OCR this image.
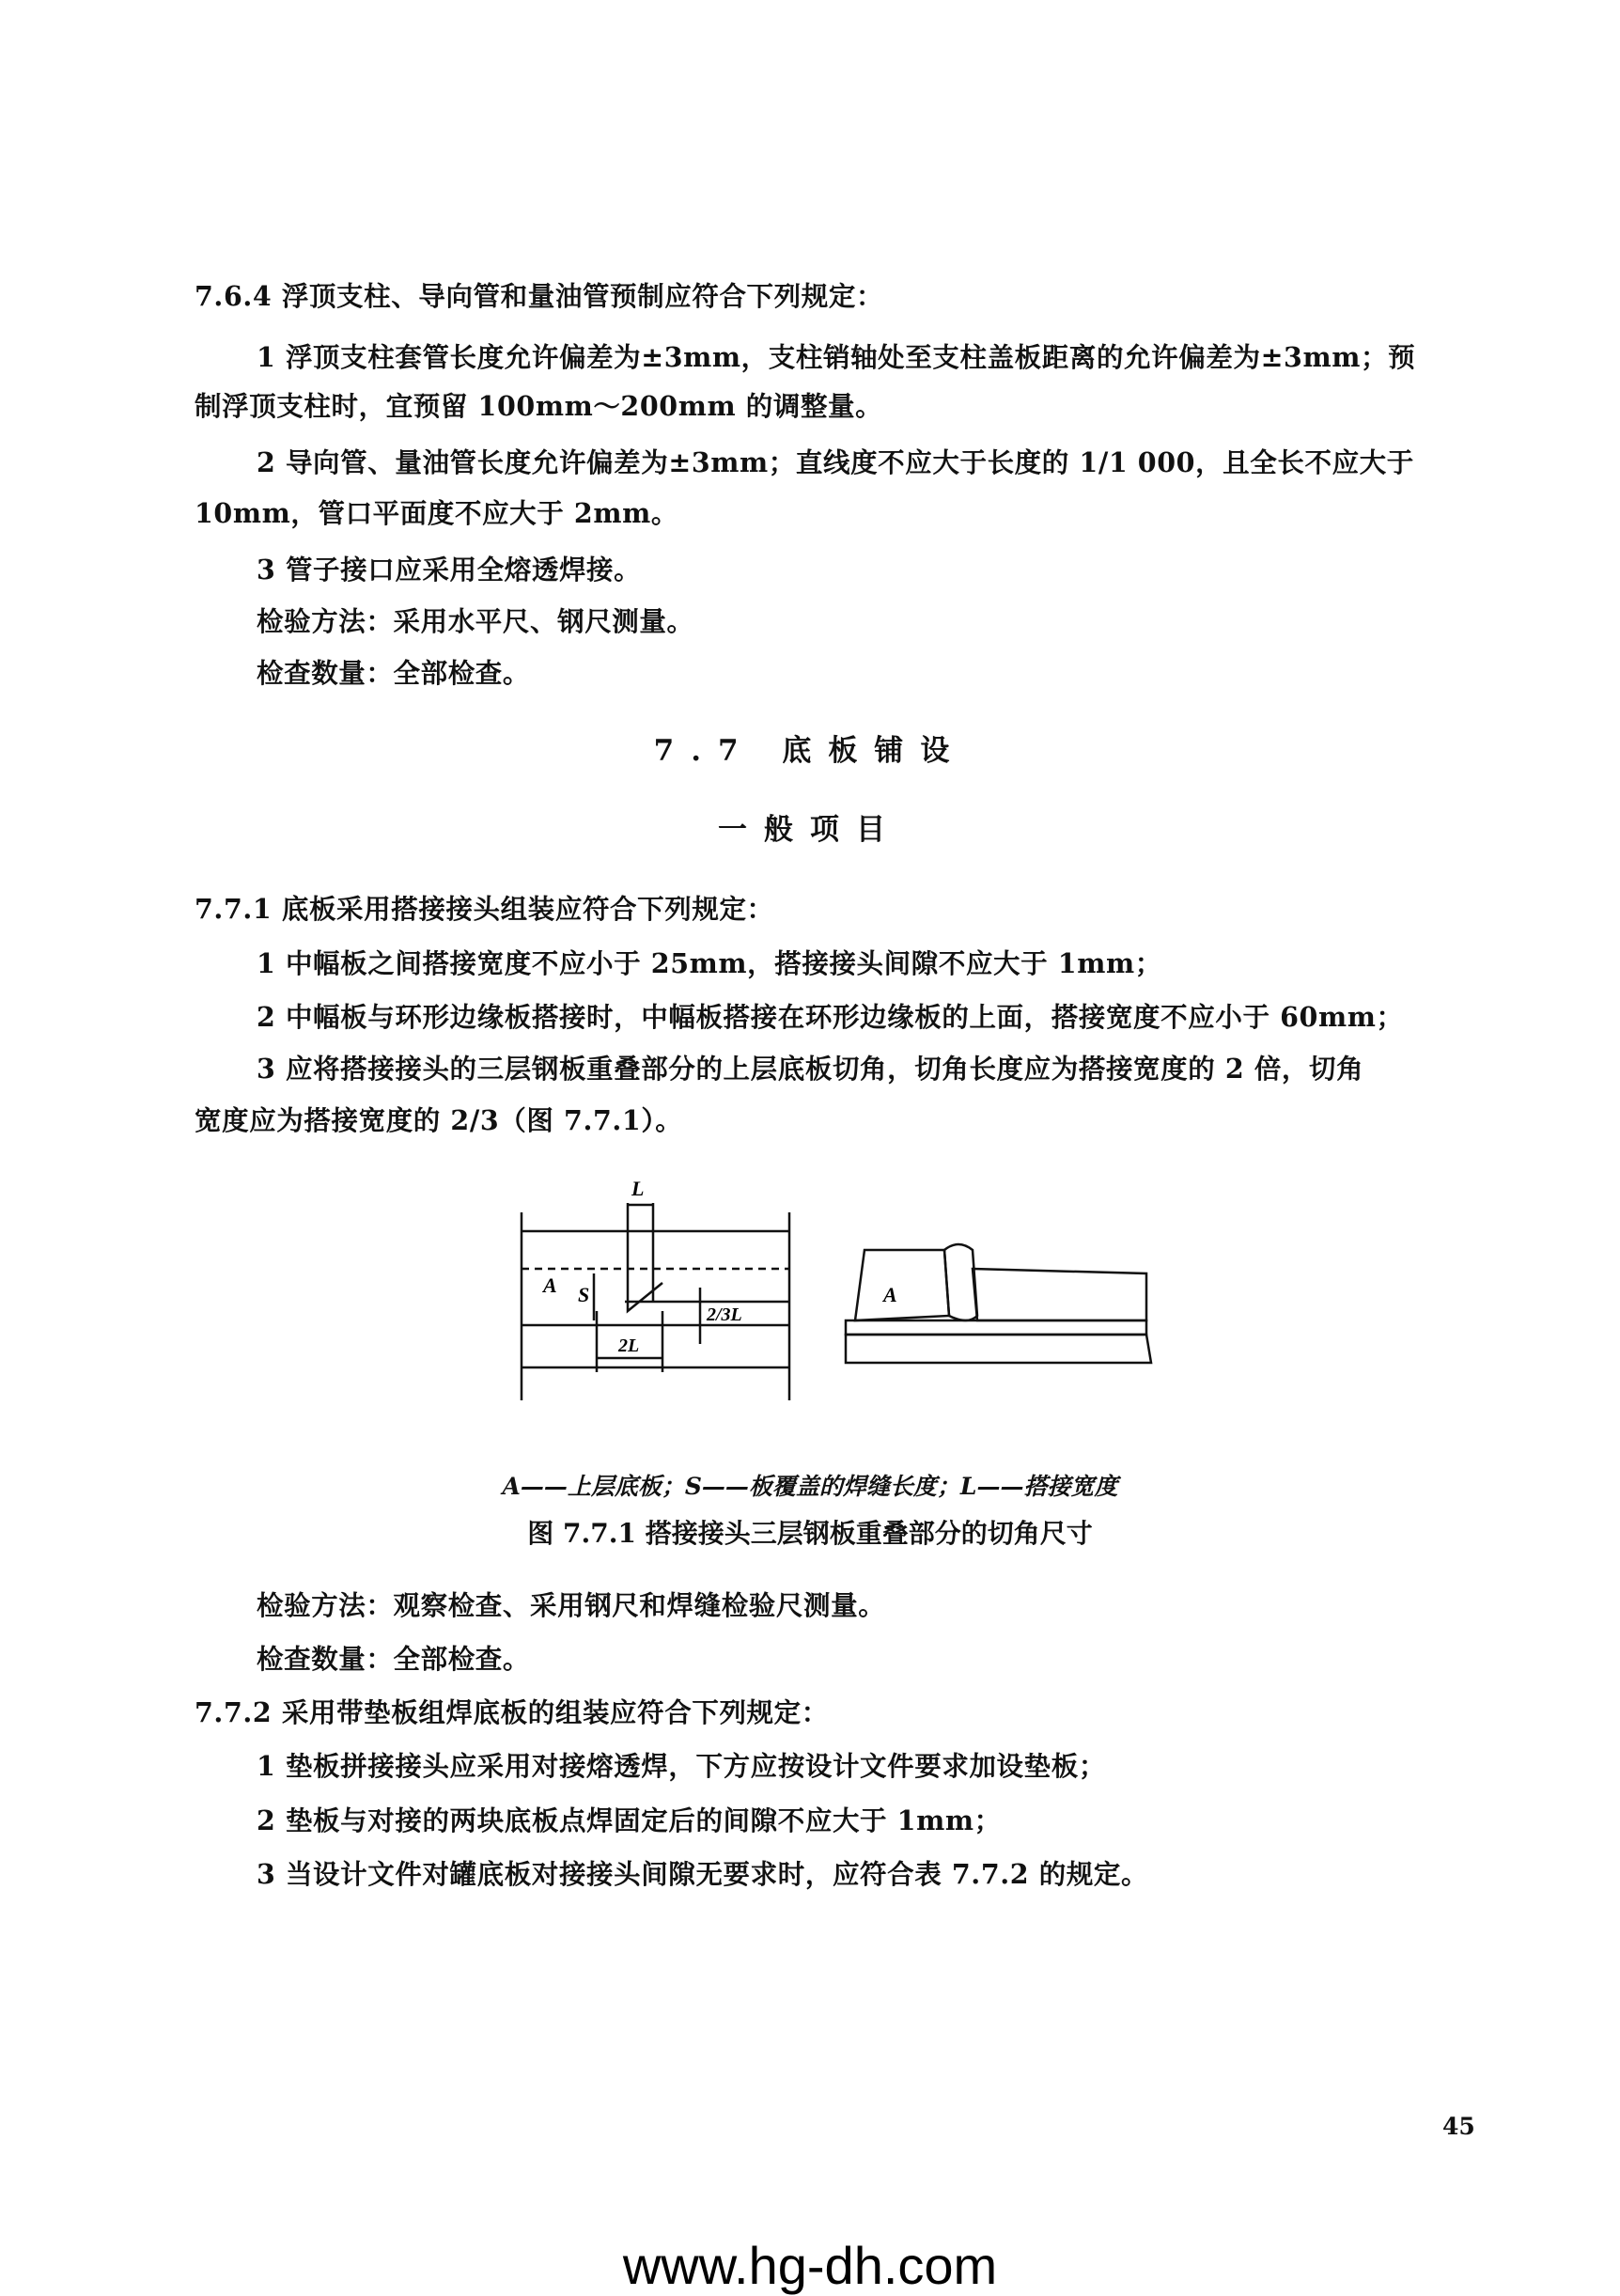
7.6.4 浮顶支柱、导向管和量油管预制应符合下列规定：
1 浮顶支柱套管长度允许偏差为±3mm，支柱销轴处至支柱盖板距离的允许偏差为±3mm；预
制浮顶支柱时，宜预留 100mm～200mm 的调整量。
2 导向管、量油管长度允许偏差为±3mm；直线度不应大于长度的 1/1 000，且全长不应大于
10mm，管口平面度不应大于 2mm。
3 管子接口应采用全熔透焊接。
检验方法：采用水平尺、钢尺测量。
检查数量：全部检查。
7.7 底板铺设
一般项目
7.7.1 底板采用搭接接头组装应符合下列规定：
1 中幅板之间搭接宽度不应小于 25mm，搭接接头间隙不应大于 1mm；
2 中幅板与环形边缘板搭接时，中幅板搭接在环形边缘板的上面，搭接宽度不应小于 60mm；
3 应将搭接接头的三层钢板重叠部分的上层底板切角，切角长度应为搭接宽度的 2 倍，切角
宽度应为搭接宽度的 2/3（图 7.7.1）。
L
A S
2/3L
2L
A
A——上层底板；S——板覆盖的焊缝长度；L——搭接宽度
图 7.7.1 搭接接头三层钢板重叠部分的切角尺寸
检验方法：观察检查、采用钢尺和焊缝检验尺测量。
检查数量：全部检查。
7.7.2 采用带垫板组焊底板的组装应符合下列规定：
1 垫板拼接接头应采用对接熔透焊，下方应按设计文件要求加设垫板；
2 垫板与对接的两块底板点焊固定后的间隙不应大于 1mm；
3 当设计文件对罐底板对接接头间隙无要求时，应符合表 7.7.2 的规定。
45
www.hg-dh.com
